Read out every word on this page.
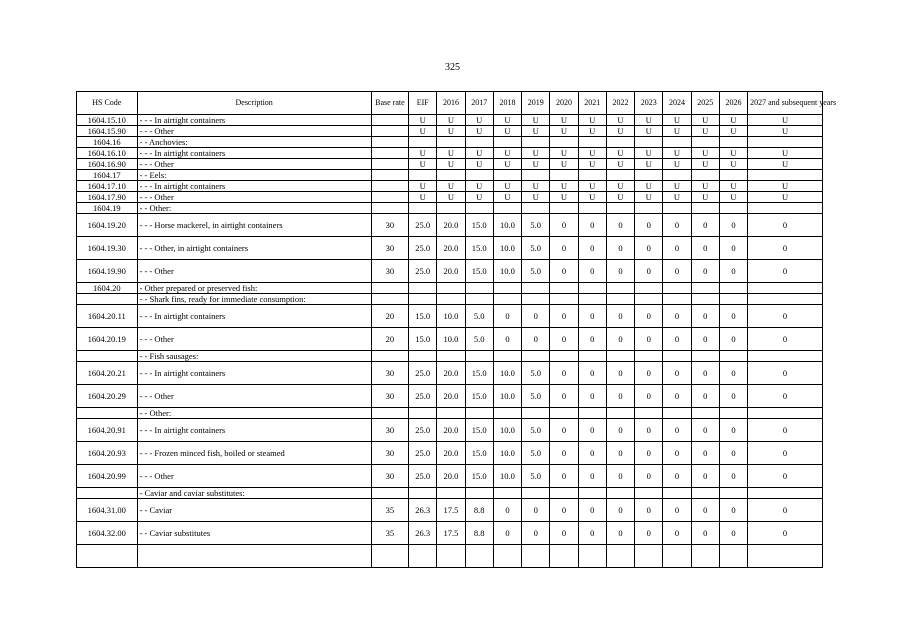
325
HS Code	Description	Base rate	EIF	2016	2017	2018	2019	2020	2021	2022	2023	2024	2025	2026	2027 and subsequent years
1604.15.10	- - - In airtight containers		U	U	U	U	U	U	U	U	U	U	U	U	U
1604.15.90	- - - Other		U	U	U	U	U	U	U	U	U	U	U	U	U
1604.16	- - Anchovies:														
1604.16.10	- - - In airtight containers		U	U	U	U	U	U	U	U	U	U	U	U	U
1604.16.90	- - - Other		U	U	U	U	U	U	U	U	U	U	U	U	U
1604.17	- - Eels:														
1604.17.10	- - - In airtight containers		U	U	U	U	U	U	U	U	U	U	U	U	U
1604.17.90	- - - Other		U	U	U	U	U	U	U	U	U	U	U	U	U
1604.19	- - Other:														
1604.19.20	- - - Horse mackerel, in airtight containers	30	25.0	20.0	15.0	10.0	5.0	0	0	0	0	0	0	0	0
1604.19.30	- - - Other, in airtight containers	30	25.0	20.0	15.0	10.0	5.0	0	0	0	0	0	0	0	0
1604.19.90	- - - Other	30	25.0	20.0	15.0	10.0	5.0	0	0	0	0	0	0	0	0
1604.20	- Other prepared or preserved fish:														
	- - Shark fins, ready for immediate consumption:														
1604.20.11	- - - In airtight containers	20	15.0	10.0	5.0	0	0	0	0	0	0	0	0	0	0
1604.20.19	- - - Other	20	15.0	10.0	5.0	0	0	0	0	0	0	0	0	0	0
	- - Fish sausages:														
1604.20.21	- - - In airtight containers	30	25.0	20.0	15.0	10.0	5.0	0	0	0	0	0	0	0	0
1604.20.29	- - - Other	30	25.0	20.0	15.0	10.0	5.0	0	0	0	0	0	0	0	0
	- - Other:														
1604.20.91	- - - In airtight containers	30	25.0	20.0	15.0	10.0	5.0	0	0	0	0	0	0	0	0
1604.20.93	- - - Frozen minced fish, boiled or steamed	30	25.0	20.0	15.0	10.0	5.0	0	0	0	0	0	0	0	0
1604.20.99	- - - Other	30	25.0	20.0	15.0	10.0	5.0	0	0	0	0	0	0	0	0
	- Caviar and caviar substitutes:														
1604.31.00	- - Caviar	35	26.3	17.5	8.8	0	0	0	0	0	0	0	0	0	0
1604.32.00	- - Caviar substitutes	35	26.3	17.5	8.8	0	0	0	0	0	0	0	0	0	0
